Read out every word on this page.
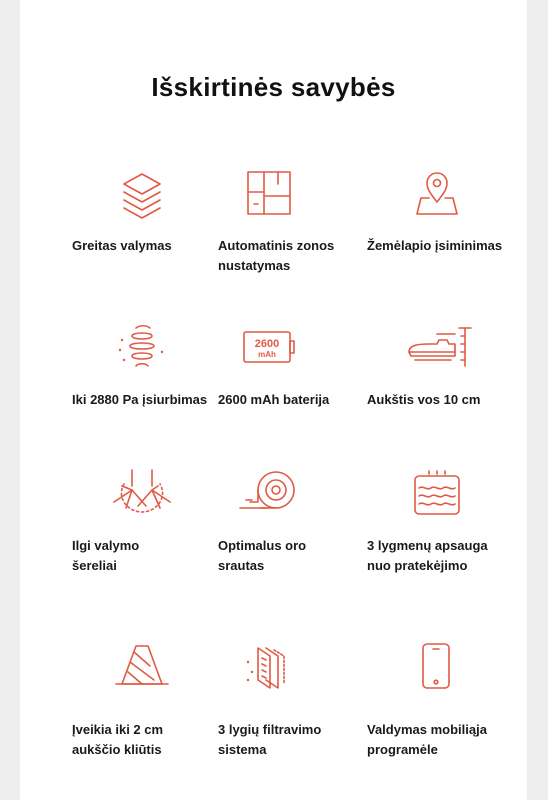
Išskirtinės savybės
Greitas valymas	Automatinis zonos
nustatymas
Žemėlapio įsiminimas
Iki 2880 Pa įsiurbimas
2600
mAh
2600 mAh baterija	Aukštis vos 10 cm
Ilgi valymo
šereliai
Optimalus oro
srautas
3 lygmenų apsauga
nuo pratekėjimo
Įveikia iki 2 cm
aukščio kliūtis
3 lygių filtravimo
sistema
Valdymas mobiliąja
programėle
